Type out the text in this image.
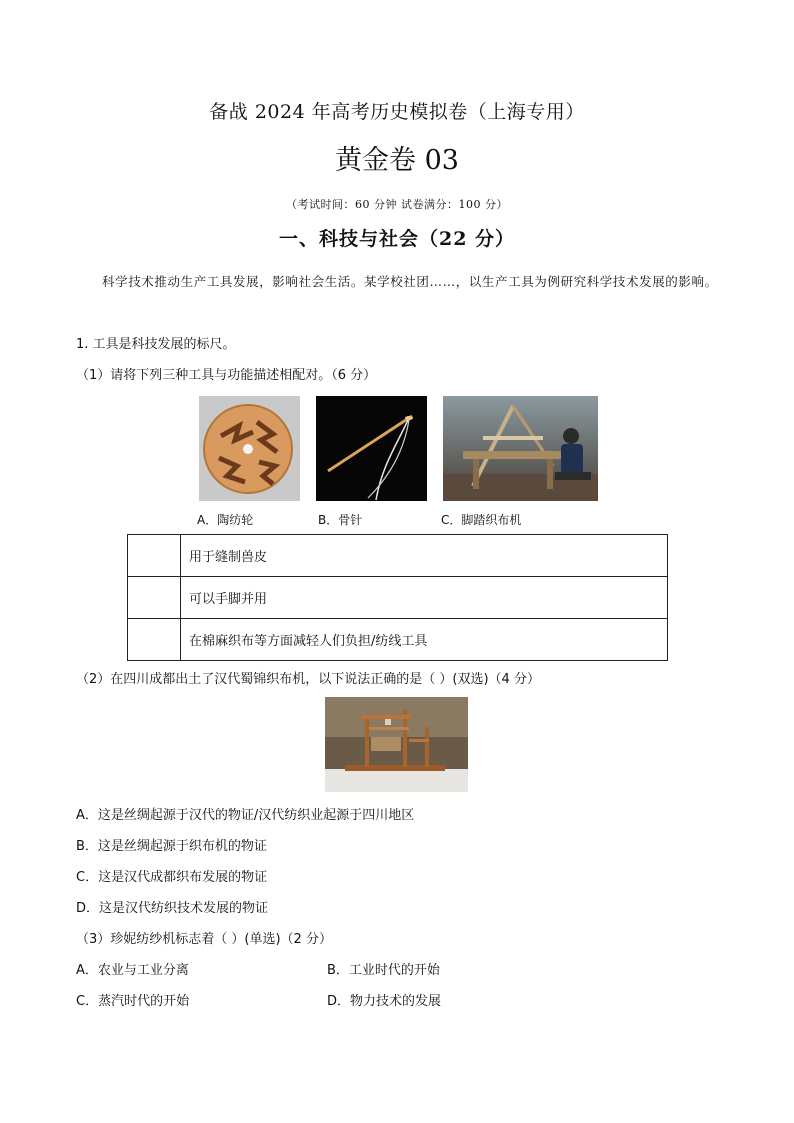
备战 2024 年高考历史模拟卷（上海专用）
黄金卷 03
（考试时间：60 分钟 试卷满分：100 分）
一、科技与社会（22 分）
科学技术推动生产工具发展，影响社会生活。某学校社团……，以生产工具为例研究科学技术发展的影响。
1. 工具是科技发展的标尺。
（1）请将下列三种工具与功能描述相配对。（6 分）
A．陶纺轮	B．骨针	C．脚踏织布机
	用于缝制兽皮
	可以手脚并用
	在棉麻织布等方面减轻人们负担/纺线工具
（2）在四川成都出土了汉代蜀锦织布机，以下说法正确的是（ ）(双选)（4 分）
A．这是丝绸起源于汉代的物证/汉代纺织业起源于四川地区
B．这是丝绸起源于织布机的物证
C．这是汉代成都织布发展的物证
D．这是汉代纺织技术发展的物证
（3）珍妮纺纱机标志着（ ）(单选)（2 分）
A．农业与工业分离	B．工业时代的开始
C．蒸汽时代的开始	D．物力技术的发展
